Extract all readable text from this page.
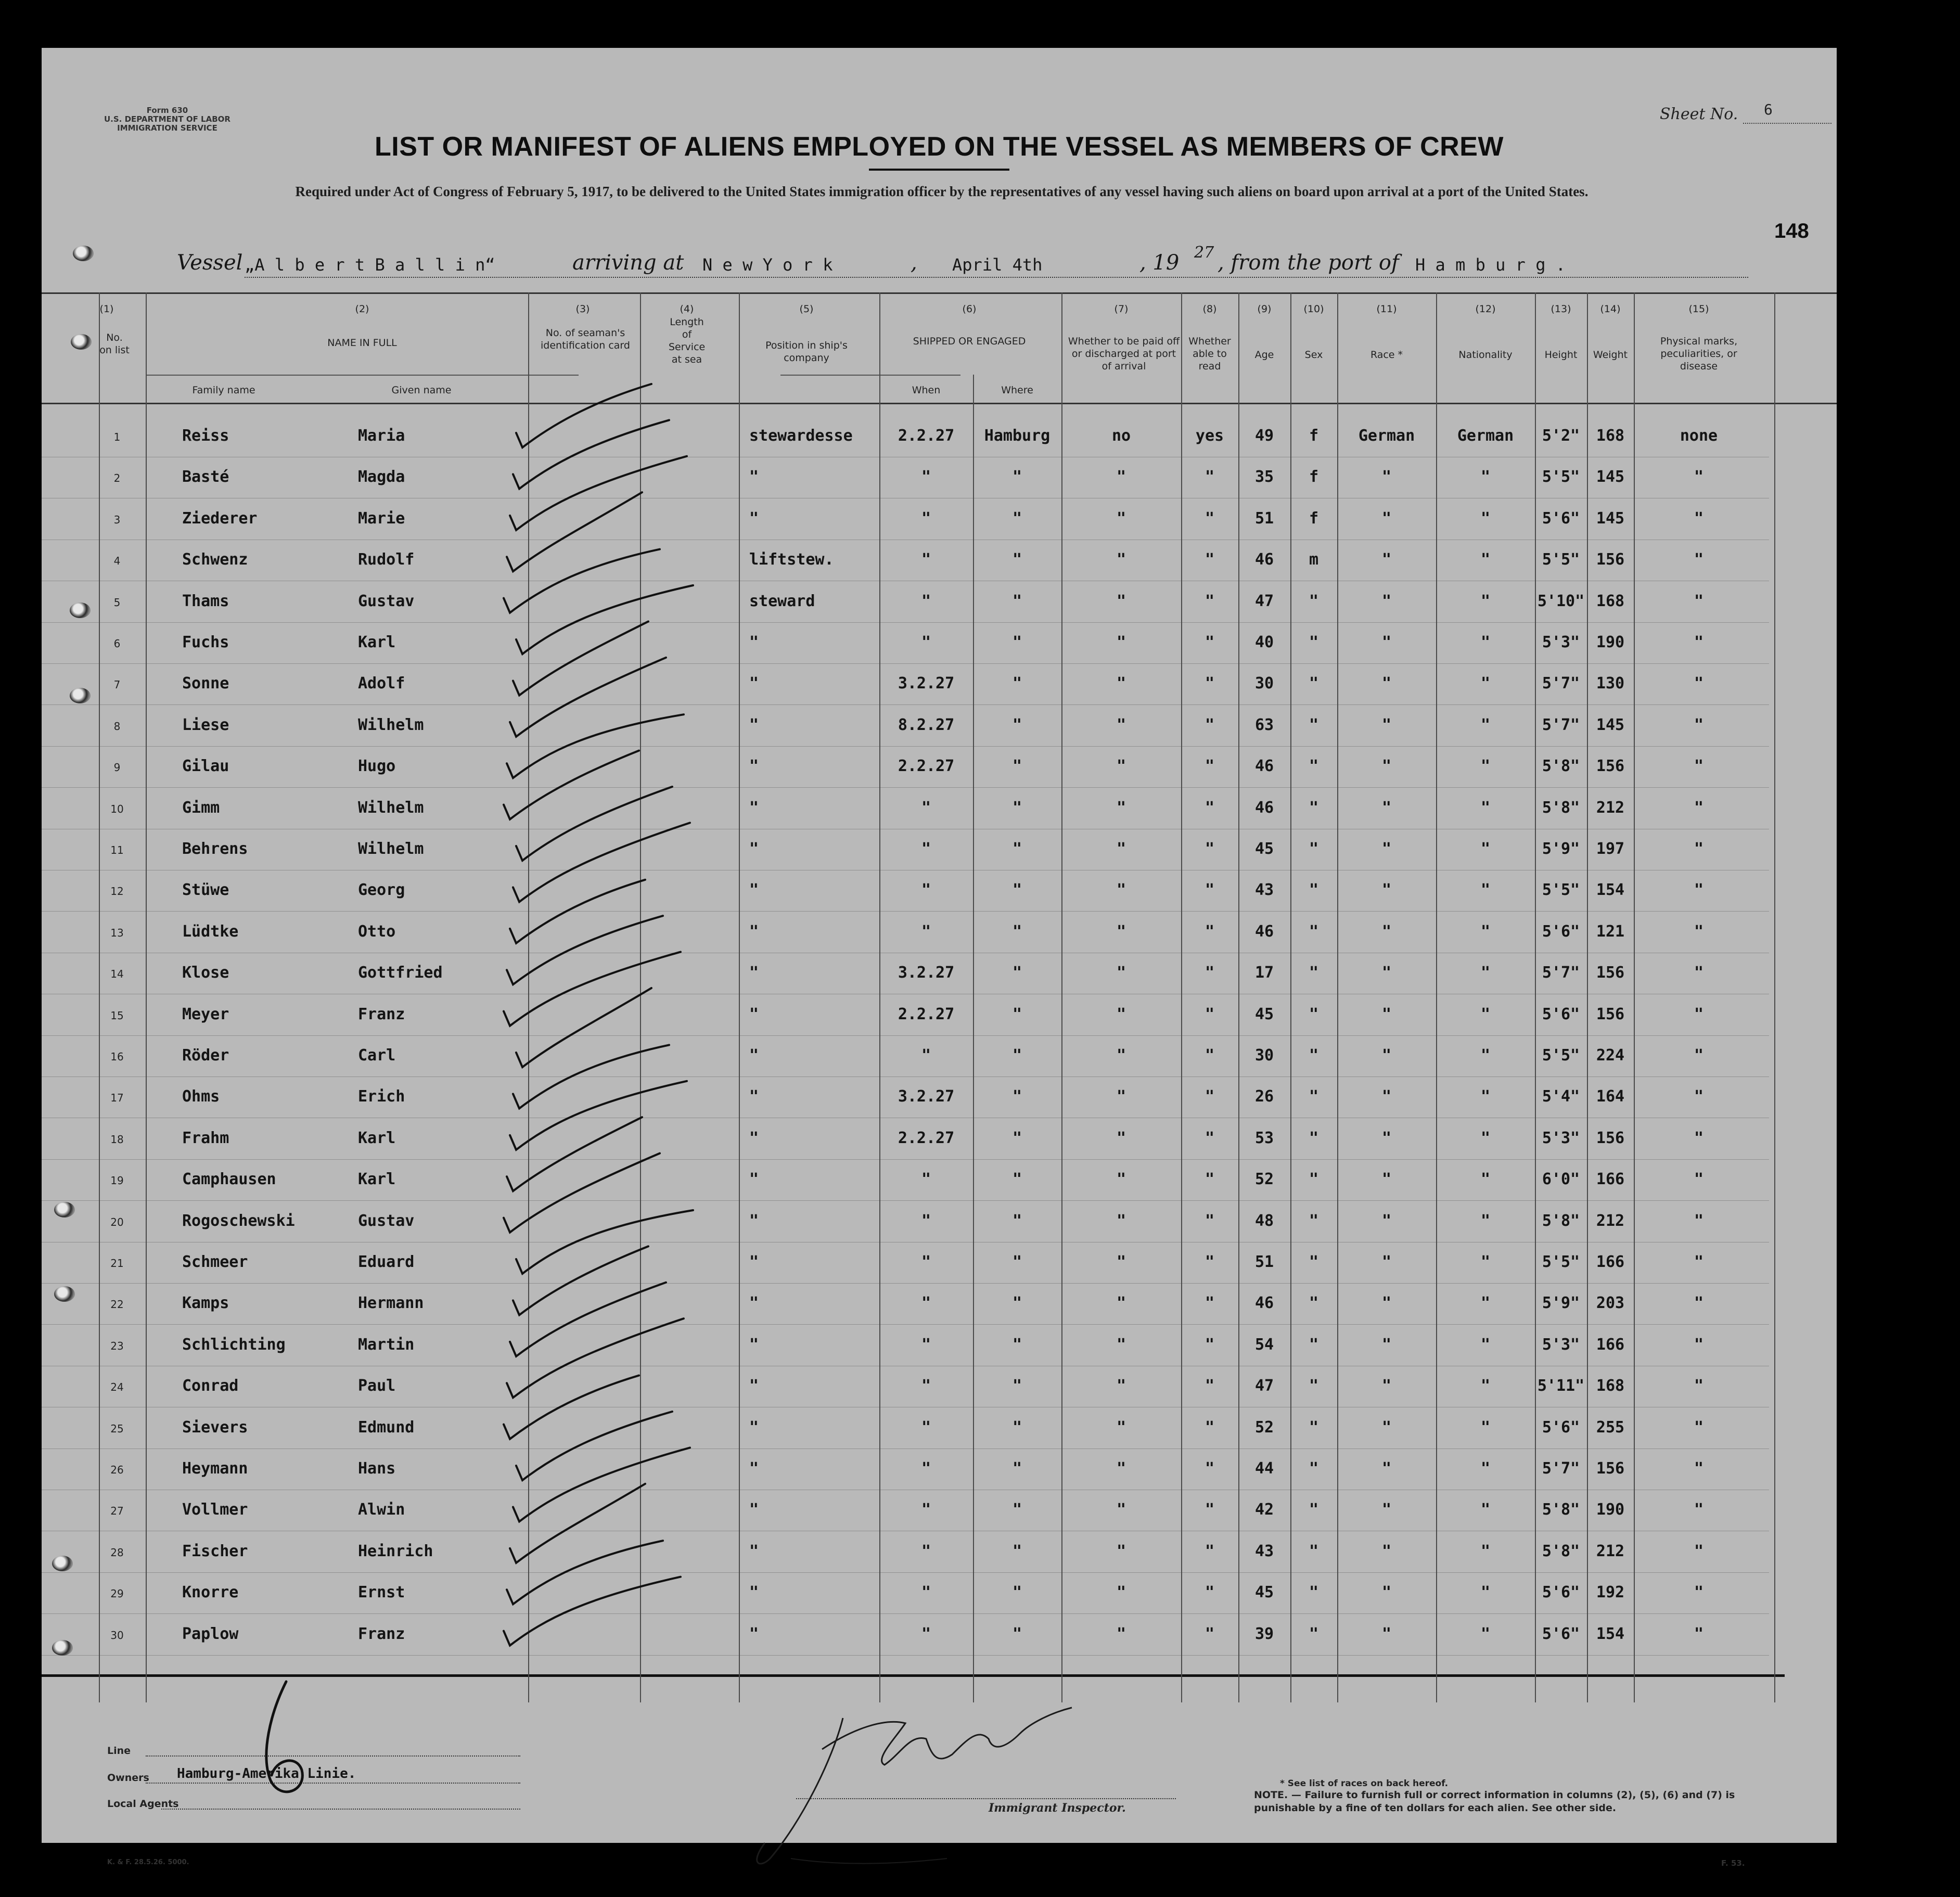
Form 630
U.S. DEPARTMENT OF LABOR
IMMIGRATION SERVICE
Sheet No. 6
LIST OR MANIFEST OF ALIENS EMPLOYED ON THE VESSEL AS MEMBERS OF CREW
Required under Act of Congress of February 5, 1917, to be delivered to the United States immigration officer by the representatives of any vessel having such aliens on board upon arrival at a port of the United States.
148
Vessel „A l b e r t B a l l i n“	arriving at N e w Y o r k	, April 4th	, 19 27 , from the port of H a m b u r g .
(1)
No. on list
(2)
NAME IN FULL
Family name	Given name
(3)
No. of seaman's identification card
(4)
Length of Service at sea
(5)
Position in ship's company
(6)
SHIPPED OR ENGAGED
When	Where
(7)
Whether to be paid off or discharged at port of arrival
(8)
Whether able to read
(9)
Age
(10)
Sex
(11)
Race *
(12)
Nationality
(13)
Height
(14)
Weight
(15)
Physical marks, peculiarities, or disease
1	Reiss	Maria	stewardesse	2.2.27	Hamburg	no	yes	49	f	German	German	5'2"	168	none
2	Basté	Magda	"	"	"	"	"	35	f	"	"	5'5"	145	"
3	Ziederer	Marie	"	"	"	"	"	51	f	"	"	5'6"	145	"
4	Schwenz	Rudolf	liftstew.	"	"	"	"	46	m	"	"	5'5"	156	"
5	Thams	Gustav	steward	"	"	"	"	47	"	"	"	5'10" 168	"
6	Fuchs	Karl	"	"	"	"	"	40	"	"	"	5'3"	190	"
7	Sonne	Adolf	"	3.2.27	"	"	"	30	"	"	"	5'7"	130	"
8	Liese	Wilhelm	"	8.2.27	"	"	"	63	"	"	"	5'7"	145	"
9	Gilau	Hugo	"	2.2.27	"	"	"	46	"	"	"	5'8"	156	"
10	Gimm	Wilhelm	"	"	"	"	"	46	"	"	"	5'8"	212	"
11	Behrens	Wilhelm	"	"	"	"	"	45	"	"	"	5'9"	197	"
12	Stüwe	Georg	"	"	"	"	"	43	"	"	"	5'5"	154	"
13	Lüdtke	Otto	"	"	"	"	"	46	"	"	"	5'6"	121	"
14	Klose	Gottfried	"	3.2.27	"	"	"	17	"	"	"	5'7"	156	"
15	Meyer	Franz	"	2.2.27	"	"	"	45	"	"	"	5'6"	156	"
16	Röder	Carl	"	"	"	"	"	30	"	"	"	5'5"	224	"
17	Ohms	Erich	"	3.2.27	"	"	"	26	"	"	"	5'4"	164	"
18	Frahm	Karl	"	2.2.27	"	"	"	53	"	"	"	5'3"	156	"
19	Camphausen	Karl	"	"	"	"	"	52	"	"	"	6'0"	166	"
20	Rogoschewski	Gustav	"	"	"	"	"	48	"	"	"	5'8"	212	"
21	Schmeer	Eduard	"	"	"	"	"	51	"	"	"	5'5"	166	"
22	Kamps	Hermann	"	"	"	"	"	46	"	"	"	5'9"	203	"
23	Schlichting	Martin	"	"	"	"	"	54	"	"	"	5'3"	166	"
24	Conrad	Paul	"	"	"	"	"	47	"	"	"	5'11" 168	"
25	Sievers	Edmund	"	"	"	"	"	52	"	"	"	5'6"	255	"
26	Heymann	Hans	"	"	"	"	"	44	"	"	"	5'7"	156	"
27	Vollmer	Alwin	"	"	"	"	"	42	"	"	"	5'8"	190	"
28	Fischer	Heinrich	"	"	"	"	"	43	"	"	"	5'8"	212	"
29	Knorre	Ernst	"	"	"	"	"	45	"	"	"	5'6"	192	"
30	Paplow	Franz	"	"	"	"	"	39	"	"	"	5'6"	154	"
Line
Owners Hamburg-Amerika Linie.
Local Agents	Immigrant Inspector.
* See list of races on back hereof.
NOTE. — Failure to furnish full or correct information in columns (2), (5), (6) and (7) is punishable by a fine of ten dollars for each alien. See other side.
K. & F. 28.5.26. 5000.	F. 53.
